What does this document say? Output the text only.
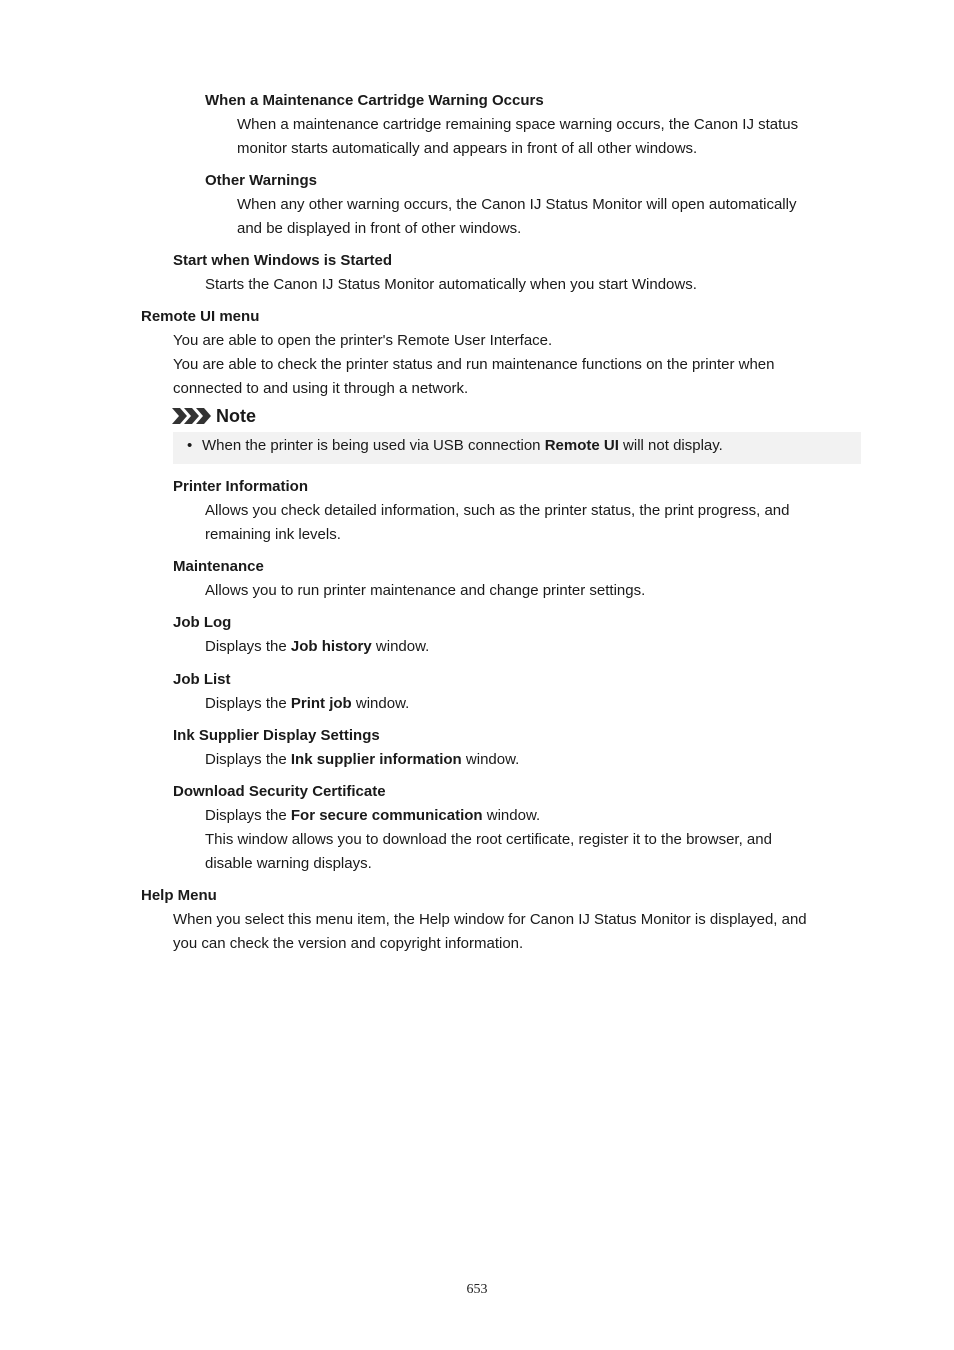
When a Maintenance Cartridge Warning Occurs
When a maintenance cartridge remaining space warning occurs, the Canon IJ status
monitor starts automatically and appears in front of all other windows.
Other Warnings
When any other warning occurs, the Canon IJ Status Monitor will open automatically
and be displayed in front of other windows.
Start when Windows is Started
Starts the Canon IJ Status Monitor automatically when you start Windows.
Remote UI menu
You are able to open the printer's Remote User Interface.
You are able to check the printer status and run maintenance functions on the printer when
connected to and using it through a network.
Note
• When the printer is being used via USB connection Remote UI will not display.
Printer Information
Allows you check detailed information, such as the printer status, the print progress, and
remaining ink levels.
Maintenance
Allows you to run printer maintenance and change printer settings.
Job Log
Displays the Job history window.
Job List
Displays the Print job window.
Ink Supplier Display Settings
Displays the Ink supplier information window.
Download Security Certificate
Displays the For secure communication window.
This window allows you to download the root certificate, register it to the browser, and
disable warning displays.
Help Menu
When you select this menu item, the Help window for Canon IJ Status Monitor is displayed, and
you can check the version and copyright information.
653
